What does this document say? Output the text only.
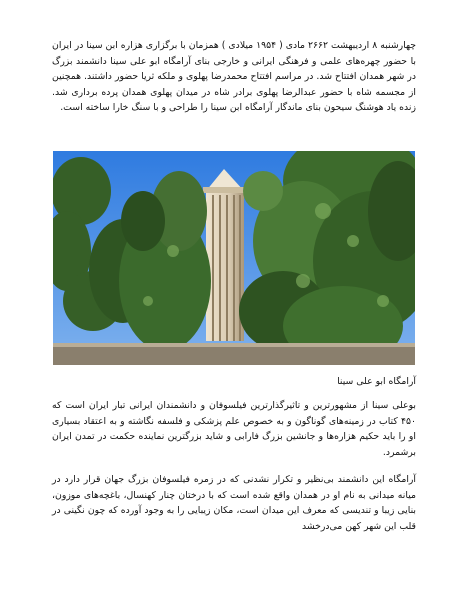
چهارشنبه ۸ اردیبهشت ۲۶۶۲ مادی ( ۱۹۵۴ میلادی ) همزمان با برگزاری هزاره ابن سینا در ایران با حضور چهره‌های علمی و فرهنگی ایرانی و خارجی بنای آرامگاه ابو علی سینا دانشمند بزرگ در شهر همدان افتتاح شد. در مراسم افتتاح محمدرضا پهلوی و ملکه ثریا حضور داشتند. همچنین از مجسمه شاه با حضور عبدالرضا پهلوی برادر شاه در میدان پهلوی همدان پرده برداری شد. زنده یاد هوشنگ سیحون بنای ماندگار آرامگاه ابن سینا را طراحی و با سنگ خارا ساخته است.

آرامگاه ابو علی سینا

بوعلی سینا از مشهورترین و تاثیرگذارترین فیلسوفان و دانشمندان ایرانی تبار ایران است که ۴۵۰ کتاب در زمینه‌های گوناگون و به خصوص علم پزشکی و فلسفه نگاشته و به اعتقاد بسیاری او را باید حکیم هزاره‌ها و جانشین بزرگ فارابی و شاید بزرگترین نماینده حکمت در تمدن ایران برشمرد.

آرامگاه این دانشمند بی‌نظیر و تکرار نشدنی که در زمره فیلسوفان بزرگ جهان قرار دارد در میانه میدانی به نام او در همدان واقع شده است که با درختان چنار کهنسال، باغچه‌های موزون، بنایی زیبا و تندیسی که معرف این میدان است، مکان زیبایی را به وجود آورده که چون نگینی در قلب این شهر کهن می‌درخشد
